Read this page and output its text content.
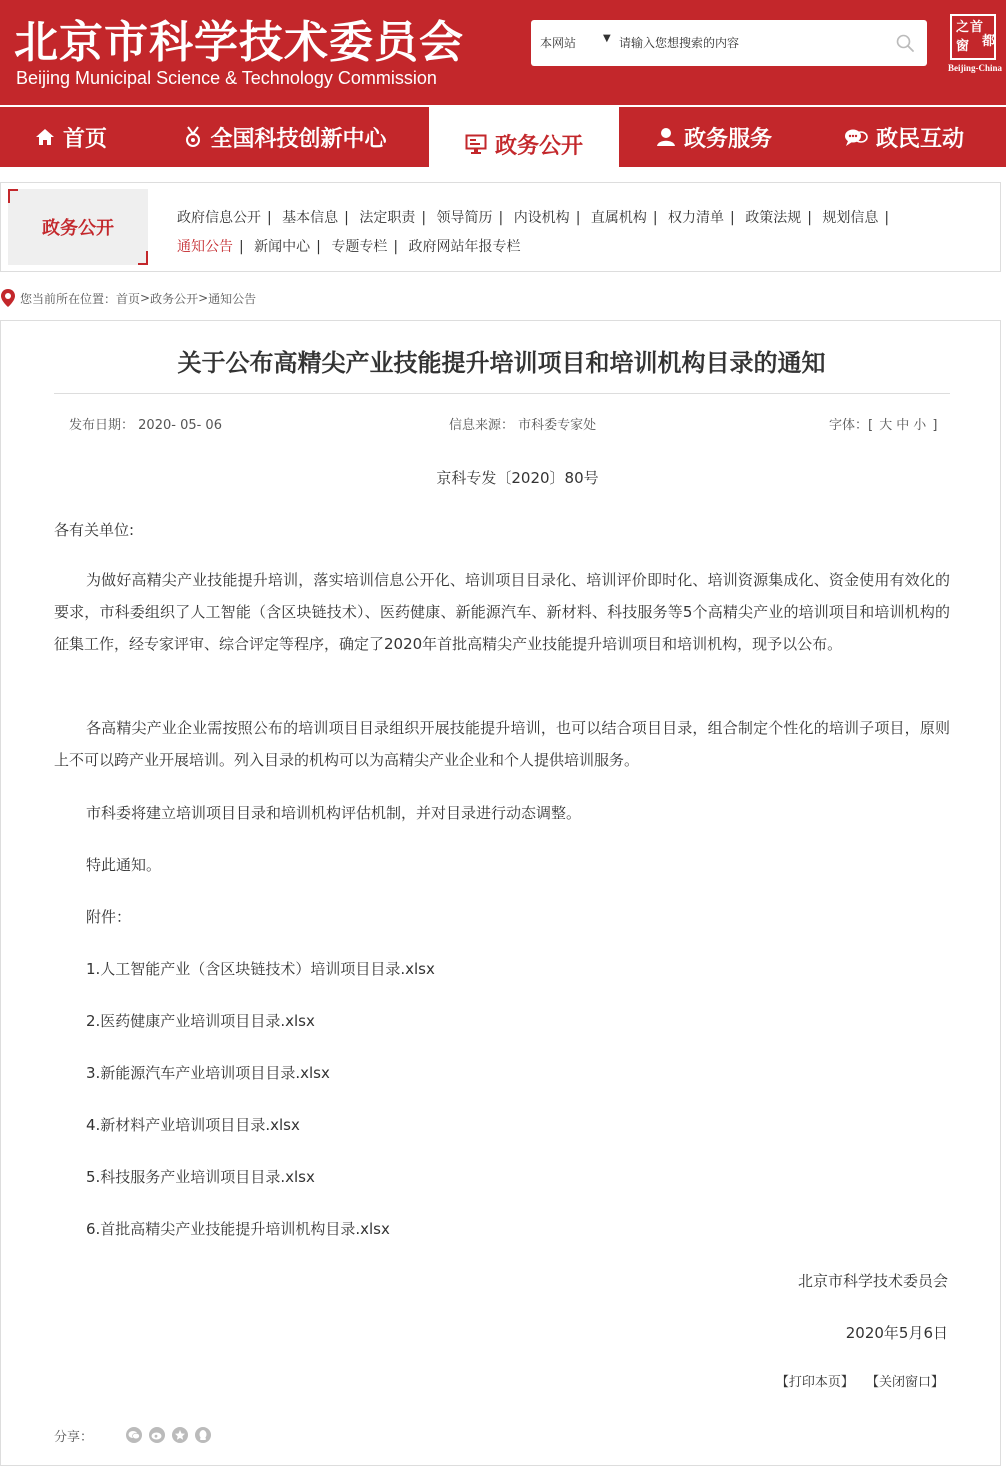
北京市科学技术委员会
Beijing Municipal Science & Technology Commission
本网站	▼
请输入您想搜索的内容
首
都
之
窗
Beijing-China
首页	全国科技创新中心	政务公开	政务服务	政民互动
政务公开	政府信息公开 | 基本信息 | 法定职责 | 领导简历 | 内设机构 | 直属机构 | 权力清单 | 政策法规 | 规划信息 |
通知公告 | 新闻中心 | 专题专栏 | 政府网站年报专栏
您当前所在位置： 首页 > 政务公开 > 通知公告
关于公布高精尖产业技能提升培训项目和培训机构目录的通知
发布日期： 2020- 05- 06	信息来源： 市科委专家处	字体：[ 大 中 小 ]
京科专发〔2020〕80号
各有关单位:

为做好高精尖产业技能提升培训，落实培训信息公开化、培训项目目录化、培训评价即时化、培训资源集成化、资金使用有效化的要求，市科委组织了人工智能（含区块链技术）、医药健康、新能源汽车、新材料、科技服务等5个高精尖产业的培训项目和培训机构的征集工作，经专家评审、综合评定等程序，确定了2020年首批高精尖产业技能提升培训项目和培训机构，现予以公布。

各高精尖产业企业需按照公布的培训项目目录组织开展技能提升培训，也可以结合项目目录，组合制定个性化的培训子项目，原则上不可以跨产业开展培训。列入目录的机构可以为高精尖产业企业和个人提供培训服务。

市科委将建立培训项目目录和培训机构评估机制，并对目录进行动态调整。
特此通知。
附件：
1.人工智能产业（含区块链技术）培训项目目录.xlsx
2.医药健康产业培训项目目录.xlsx
3.新能源汽车产业培训项目目录.xlsx
4.新材料产业培训项目目录.xlsx
5.科技服务产业培训项目目录.xlsx
6.首批高精尖产业技能提升培训机构目录.xlsx
北京市科学技术委员会
2020年5月6日
【打印本页】 【关闭窗口】
分享：
